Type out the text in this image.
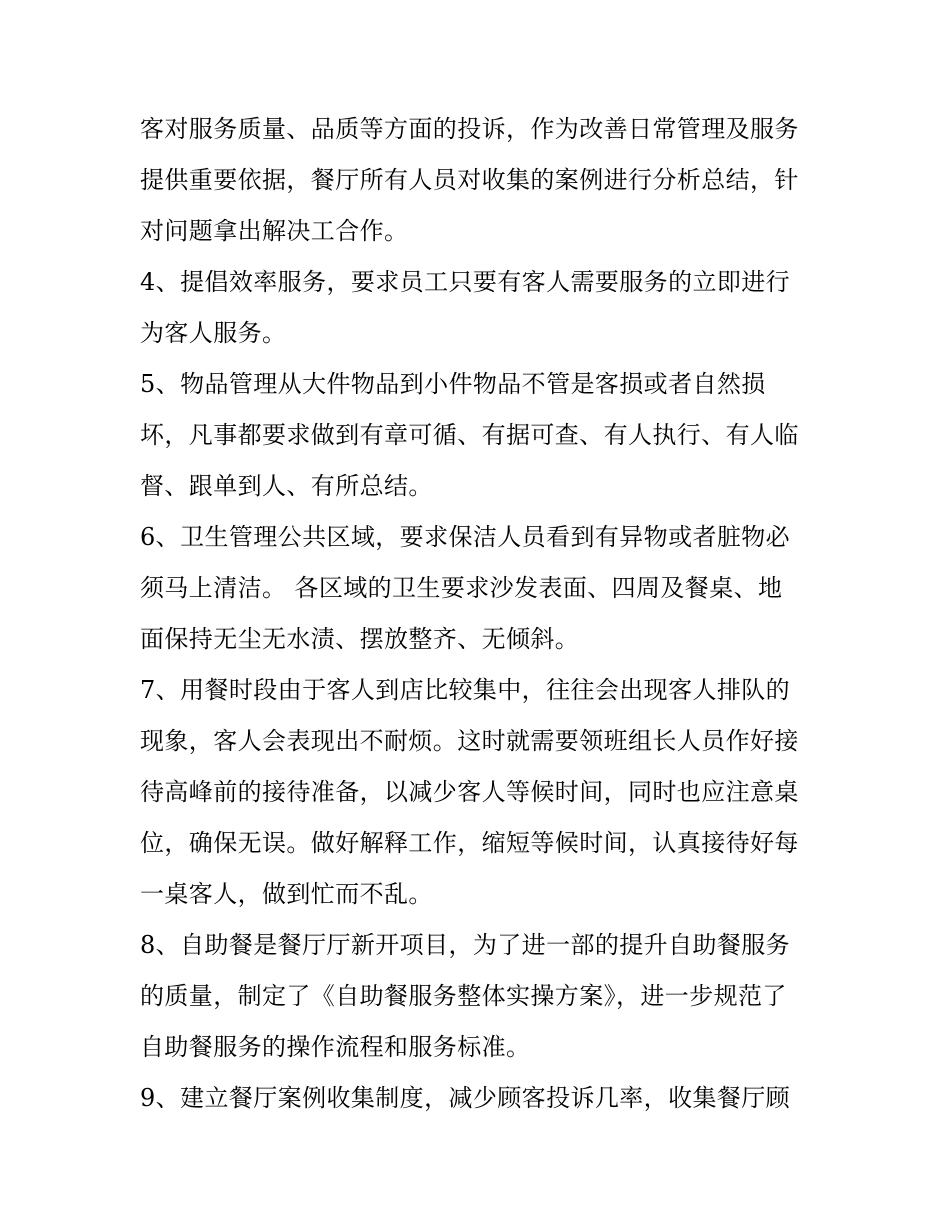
客对服务质量、品质等方面的投诉，作为改善日常管理及服务
提供重要依据，餐厅所有人员对收集的案例进行分析总结，针
对问题拿出解决工合作。
4、提倡效率服务，要求员工只要有客人需要服务的立即进行
为客人服务。
5、物品管理从大件物品到小件物品不管是客损或者自然损
坏，凡事都要求做到有章可循、有据可查、有人执行、有人临
督、跟单到人、有所总结。
6、卫生管理公共区域，要求保洁人员看到有异物或者脏物必
须马上清洁。 各区域的卫生要求沙发表面、四周及餐桌、地
面保持无尘无水渍、摆放整齐、无倾斜。
7、用餐时段由于客人到店比较集中，往往会出现客人排队的
现象，客人会表现出不耐烦。这时就需要领班组长人员作好接
待高峰前的接待准备，以减少客人等候时间，同时也应注意桌
位，确保无误。做好解释工作，缩短等候时间，认真接待好每
一桌客人，做到忙而不乱。
8、自助餐是餐厅厅新开项目，为了进一部的提升自助餐服务
的质量，制定了《自助餐服务整体实操方案》，进一步规范了
自助餐服务的操作流程和服务标准。
9、建立餐厅案例收集制度，减少顾客投诉几率，收集餐厅顾
